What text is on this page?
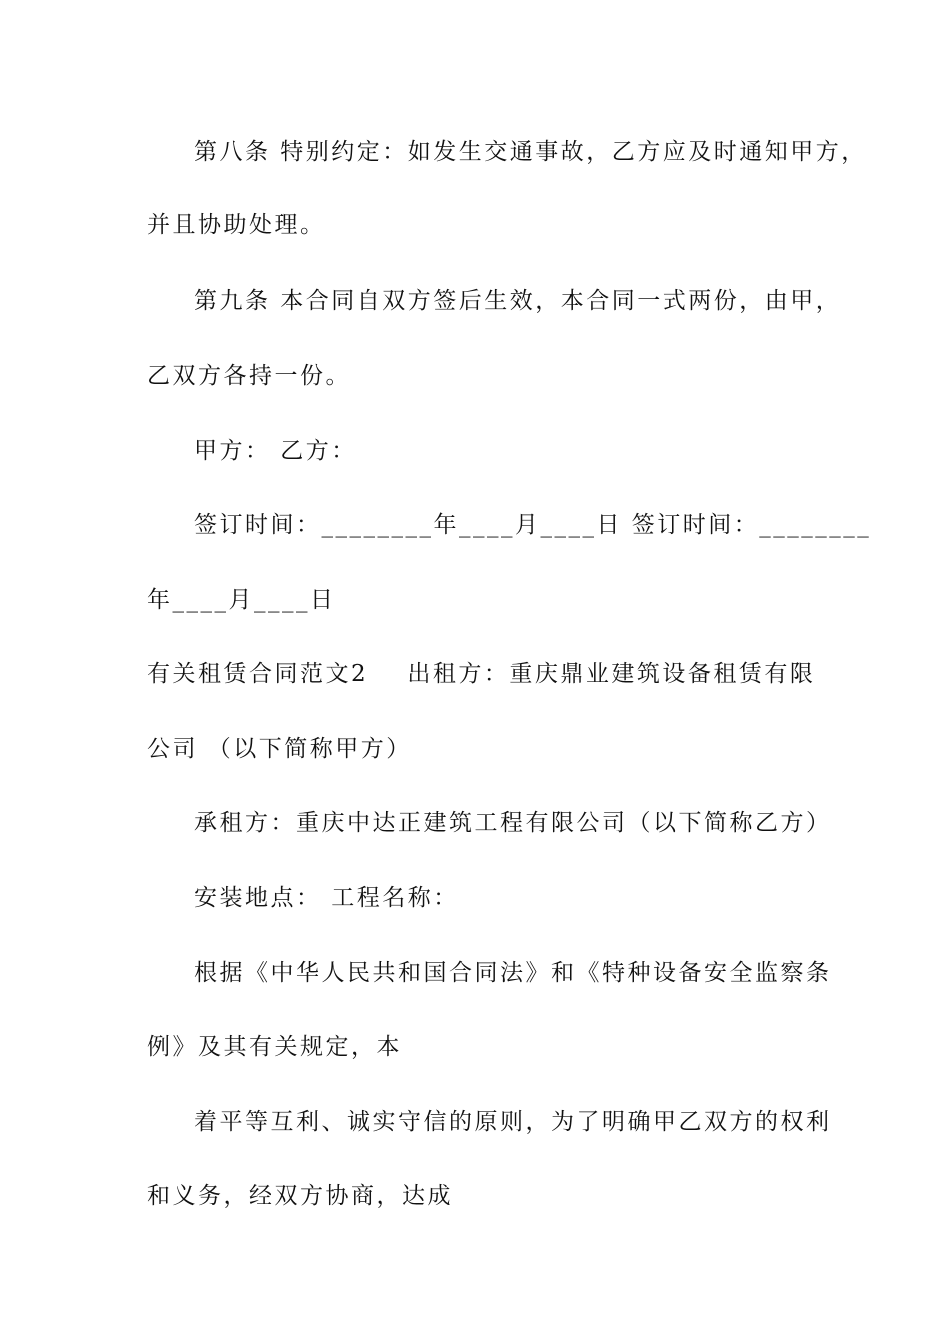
第八条 特别约定：如发生交通事故，乙方应及时通知甲方，
并且协助处理。
第九条 本合同自双方签后生效，本合同一式两份，由甲，
乙双方各持一份。
甲方： 乙方：
签订时间：________年____月____日 签订时间：________
年____月____日
有关租赁合同范文2    出租方：重庆鼎业建筑设备租赁有限
公司 （以下简称甲方）
承租方：重庆中达正建筑工程有限公司（以下简称乙方）
安装地点： 工程名称：
根据《中华人民共和国合同法》和《特种设备安全监察条
例》及其有关规定，本
着平等互利、诚实守信的原则，为了明确甲乙双方的权利
和义务，经双方协商，达成
